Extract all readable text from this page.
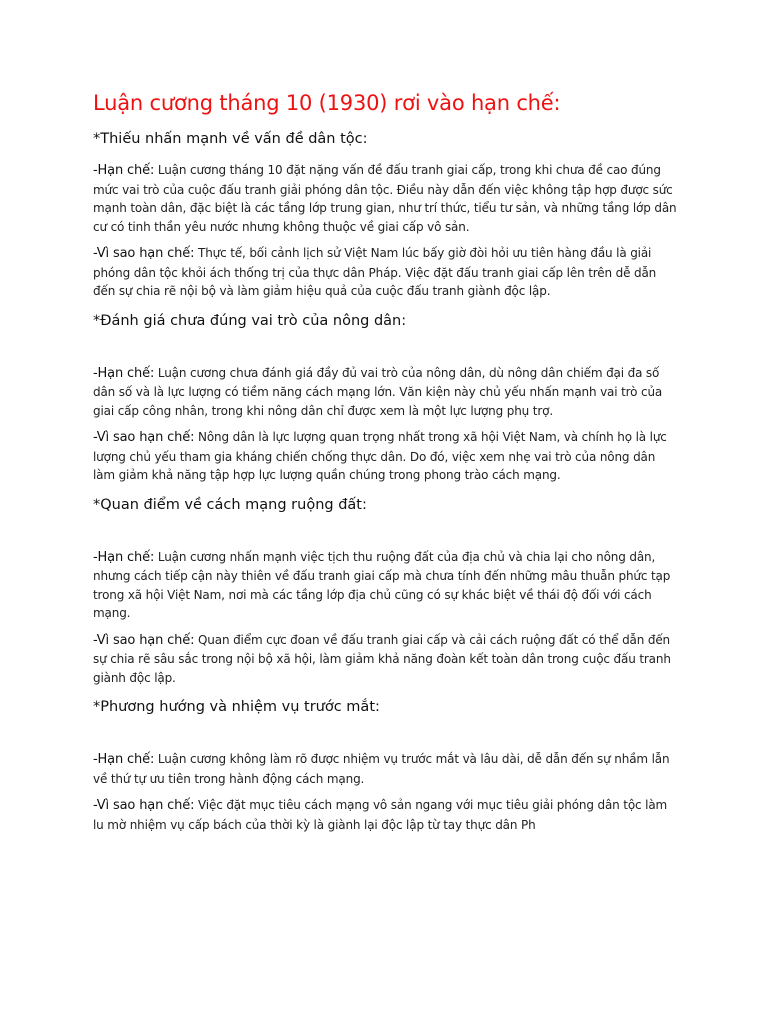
Luận cương tháng 10 (1930) rơi vào hạn chế:
*Thiếu nhấn mạnh về vấn đề dân tộc:

-Hạn chế: Luận cương tháng 10 đặt nặng vấn đề đấu tranh giai cấp, trong khi chưa đề cao đúng mức vai trò của cuộc đấu tranh giải phóng dân tộc. Điều này dẫn đến việc không tập hợp được sức mạnh toàn dân, đặc biệt là các tầng lớp trung gian, như trí thức, tiểu tư sản, và những tầng lớp dân cư có tinh thần yêu nước nhưng không thuộc về giai cấp vô sản.

-Vì sao hạn chế: Thực tế, bối cảnh lịch sử Việt Nam lúc bấy giờ đòi hỏi ưu tiên hàng đầu là giải phóng dân tộc khỏi ách thống trị của thực dân Pháp. Việc đặt đấu tranh giai cấp lên trên dễ dẫn đến sự chia rẽ nội bộ và làm giảm hiệu quả của cuộc đấu tranh giành độc lập.

*Đánh giá chưa đúng vai trò của nông dân:

-Hạn chế: Luận cương chưa đánh giá đầy đủ vai trò của nông dân, dù nông dân chiếm đại đa số dân số và là lực lượng có tiềm năng cách mạng lớn. Văn kiện này chủ yếu nhấn mạnh vai trò của giai cấp công nhân, trong khi nông dân chỉ được xem là một lực lượng phụ trợ.

-Vì sao hạn chế: Nông dân là lực lượng quan trọng nhất trong xã hội Việt Nam, và chính họ là lực lượng chủ yếu tham gia kháng chiến chống thực dân. Do đó, việc xem nhẹ vai trò của nông dân làm giảm khả năng tập hợp lực lượng quần chúng trong phong trào cách mạng.

*Quan điểm về cách mạng ruộng đất:

-Hạn chế: Luận cương nhấn mạnh việc tịch thu ruộng đất của địa chủ và chia lại cho nông dân, nhưng cách tiếp cận này thiên về đấu tranh giai cấp mà chưa tính đến những mâu thuẫn phức tạp trong xã hội Việt Nam, nơi mà các tầng lớp địa chủ cũng có sự khác biệt về thái độ đối với cách mạng.

-Vì sao hạn chế: Quan điểm cực đoan về đấu tranh giai cấp và cải cách ruộng đất có thể dẫn đến sự chia rẽ sâu sắc trong nội bộ xã hội, làm giảm khả năng đoàn kết toàn dân trong cuộc đấu tranh giành độc lập.

*Phương hướng và nhiệm vụ trước mắt:

-Hạn chế: Luận cương không làm rõ được nhiệm vụ trước mắt và lâu dài, dễ dẫn đến sự nhầm lẫn về thứ tự ưu tiên trong hành động cách mạng.

-Vì sao hạn chế: Việc đặt mục tiêu cách mạng vô sản ngang với mục tiêu giải phóng dân tộc làm lu mờ nhiệm vụ cấp bách của thời kỳ là giành lại độc lập từ tay thực dân Ph
